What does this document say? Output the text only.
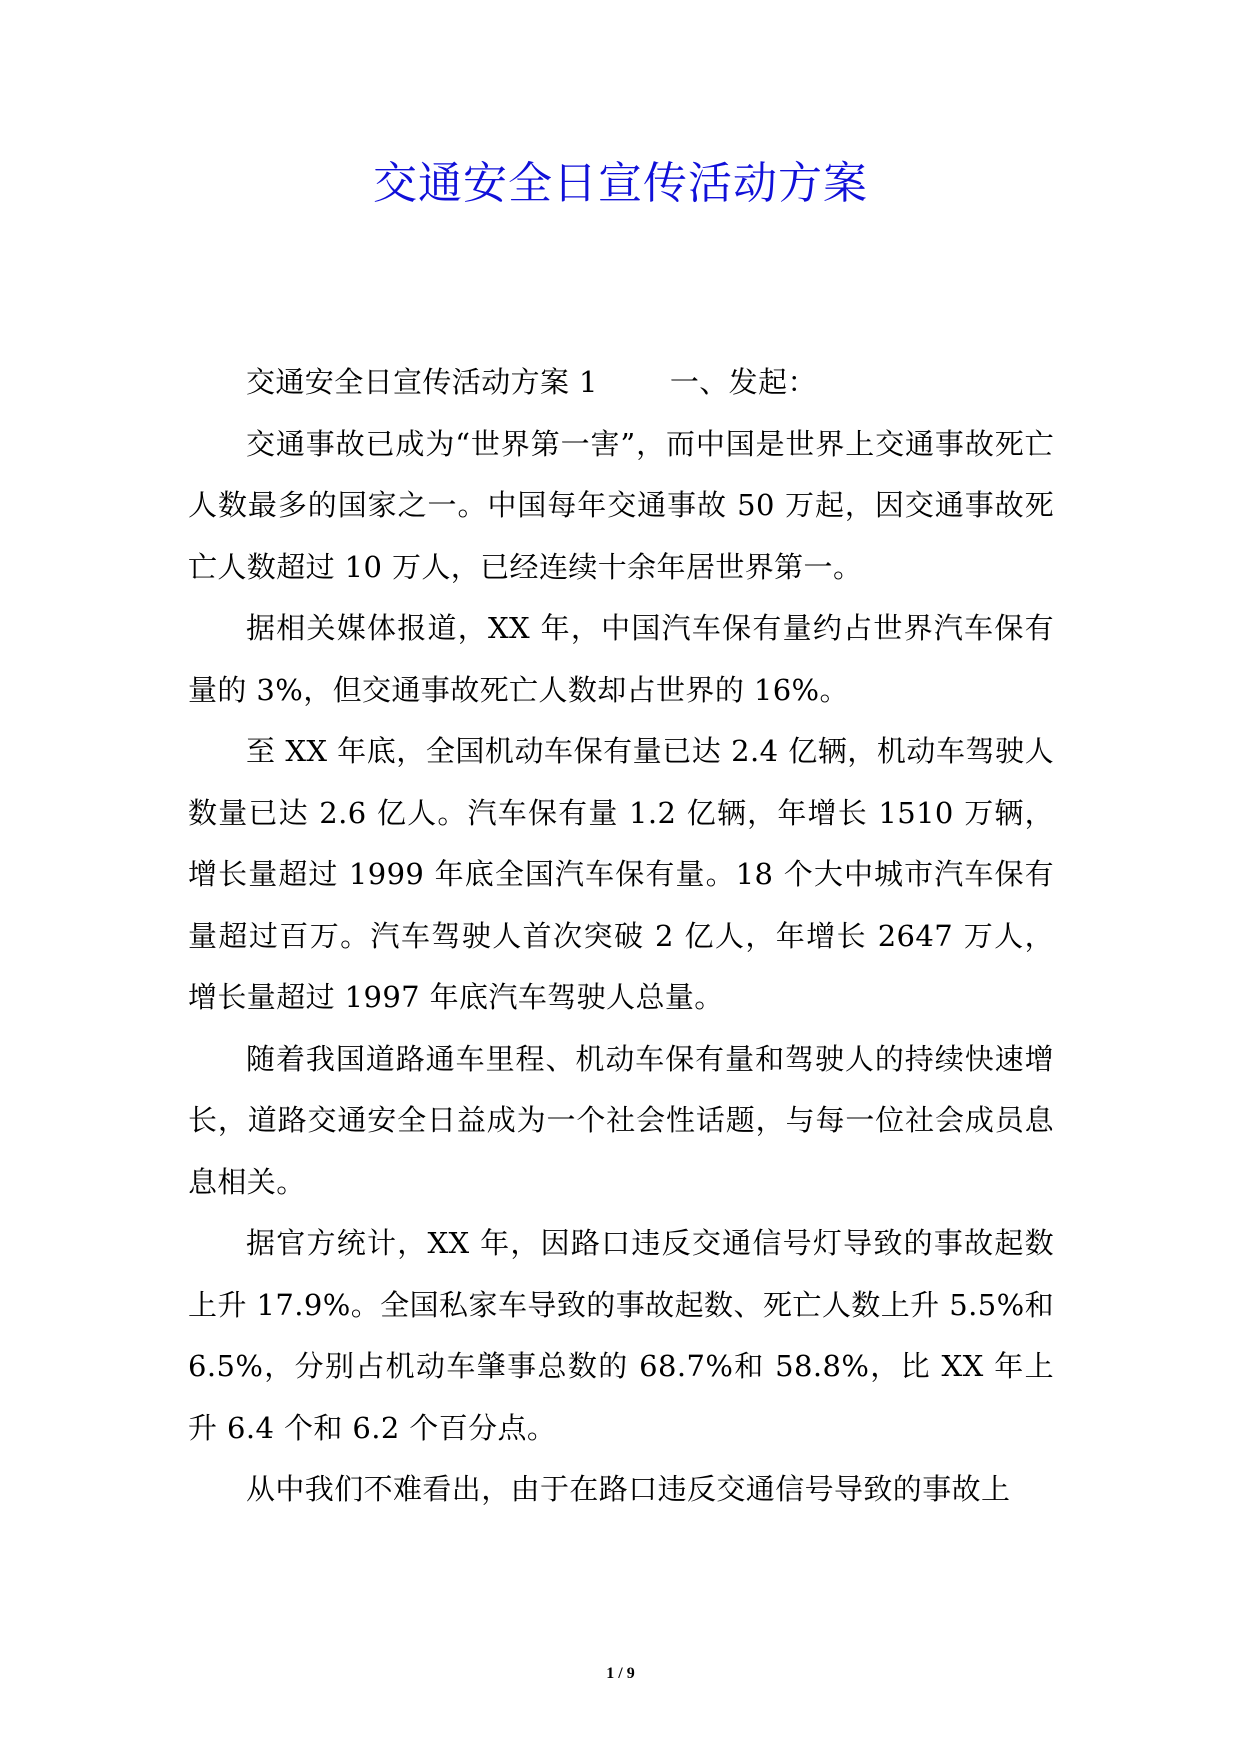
交通安全日宣传活动方案

交通安全日宣传活动方案 1 一、发起：

交通事故已成为“世界第一害”，而中国是世界上交通事故死亡人数最多的国家之一。中国每年交通事故 50 万起，因交通事故死亡人数超过 10 万人，已经连续十余年居世界第一。

据相关媒体报道，XX 年，中国汽车保有量约占世界汽车保有量的 3%，但交通事故死亡人数却占世界的 16%。

至 XX 年底，全国机动车保有量已达 2.4 亿辆，机动车驾驶人数量已达 2.6 亿人。汽车保有量 1.2 亿辆，年增长 1510 万辆，增长量超过 1999 年底全国汽车保有量。18 个大中城市汽车保有量超过百万。汽车驾驶人首次突破 2 亿人，年增长 2647 万人，增长量超过 1997 年底汽车驾驶人总量。

随着我国道路通车里程、机动车保有量和驾驶人的持续快速增长，道路交通安全日益成为一个社会性话题，与每一位社会成员息息相关。

据官方统计，XX 年，因路口违反交通信号灯导致的事故起数上升 17.9%。全国私家车导致的事故起数、死亡人数上升 5.5%和 6.5%，分别占机动车肇事总数的 68.7%和 58.8%，比 XX 年上升 6.4 个和 6.2 个百分点。

从中我们不难看出，由于在路口违反交通信号导致的事故上

1 / 9
